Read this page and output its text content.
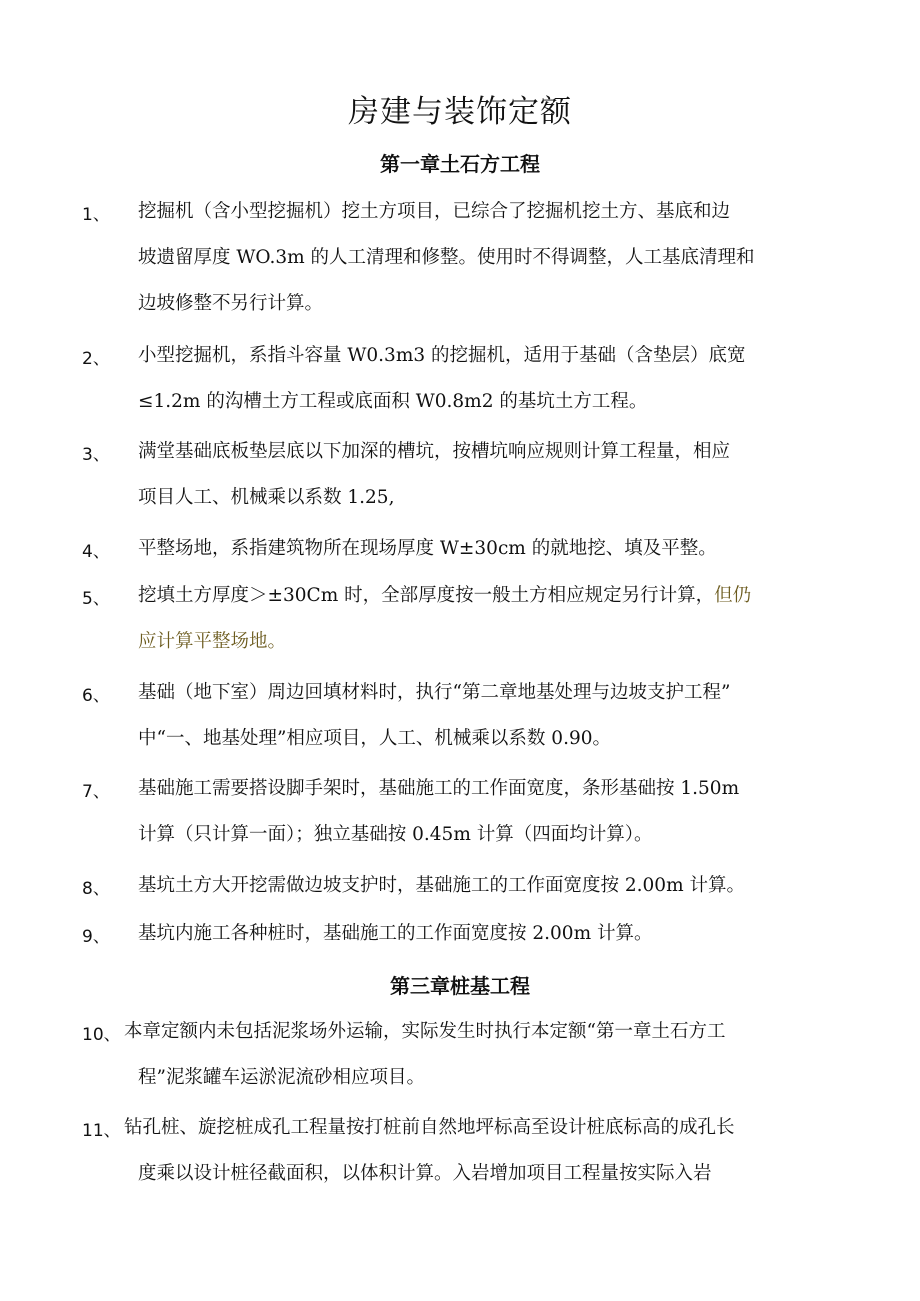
房建与装饰定额
第一章土石方工程
1、 挖掘机（含小型挖掘机）挖土方项目，已综合了挖掘机挖土方、基底和边
坡遗留厚度 WO.3m 的人工清理和修整。使用时不得调整，人工基底清理和
边坡修整不另行计算。
2、 小型挖掘机，系指斗容量 W0.3m3 的挖掘机，适用于基础（含垫层）底宽
≤1.2m 的沟槽土方工程或底面积 W0.8m2 的基坑土方工程。
3、 满堂基础底板垫层底以下加深的槽坑，按槽坑响应规则计算工程量，相应
项目人工、机械乘以系数 1.25,
4、 平整场地，系指建筑物所在现场厚度 W±30cm 的就地挖、填及平整。
5、 挖填土方厚度＞±30Cm 时，全部厚度按一般土方相应规定另行计算，但仍
应计算平整场地。
6、 基础（地下室）周边回填材料时，执行“第二章地基处理与边坡支护工程”
中“一、地基处理”相应项目，人工、机械乘以系数 0.90。
7、 基础施工需要搭设脚手架时，基础施工的工作面宽度，条形基础按 1.50m
计算（只计算一面）；独立基础按 0.45m 计算（四面均计算）。
8、 基坑土方大开挖需做边坡支护时，基础施工的工作面宽度按 2.00m 计算。
9、 基坑内施工各种桩时，基础施工的工作面宽度按 2.00m 计算。
第三章桩基工程
10、 本章定额内未包括泥浆场外运输，实际发生时执行本定额“第一章土石方工
程”泥浆罐车运淤泥流砂相应项目。
11、 钻孔桩、旋挖桩成孔工程量按打桩前自然地坪标高至设计桩底标高的成孔长
度乘以设计桩径截面积，以体积计算。入岩增加项目工程量按实际入岩
